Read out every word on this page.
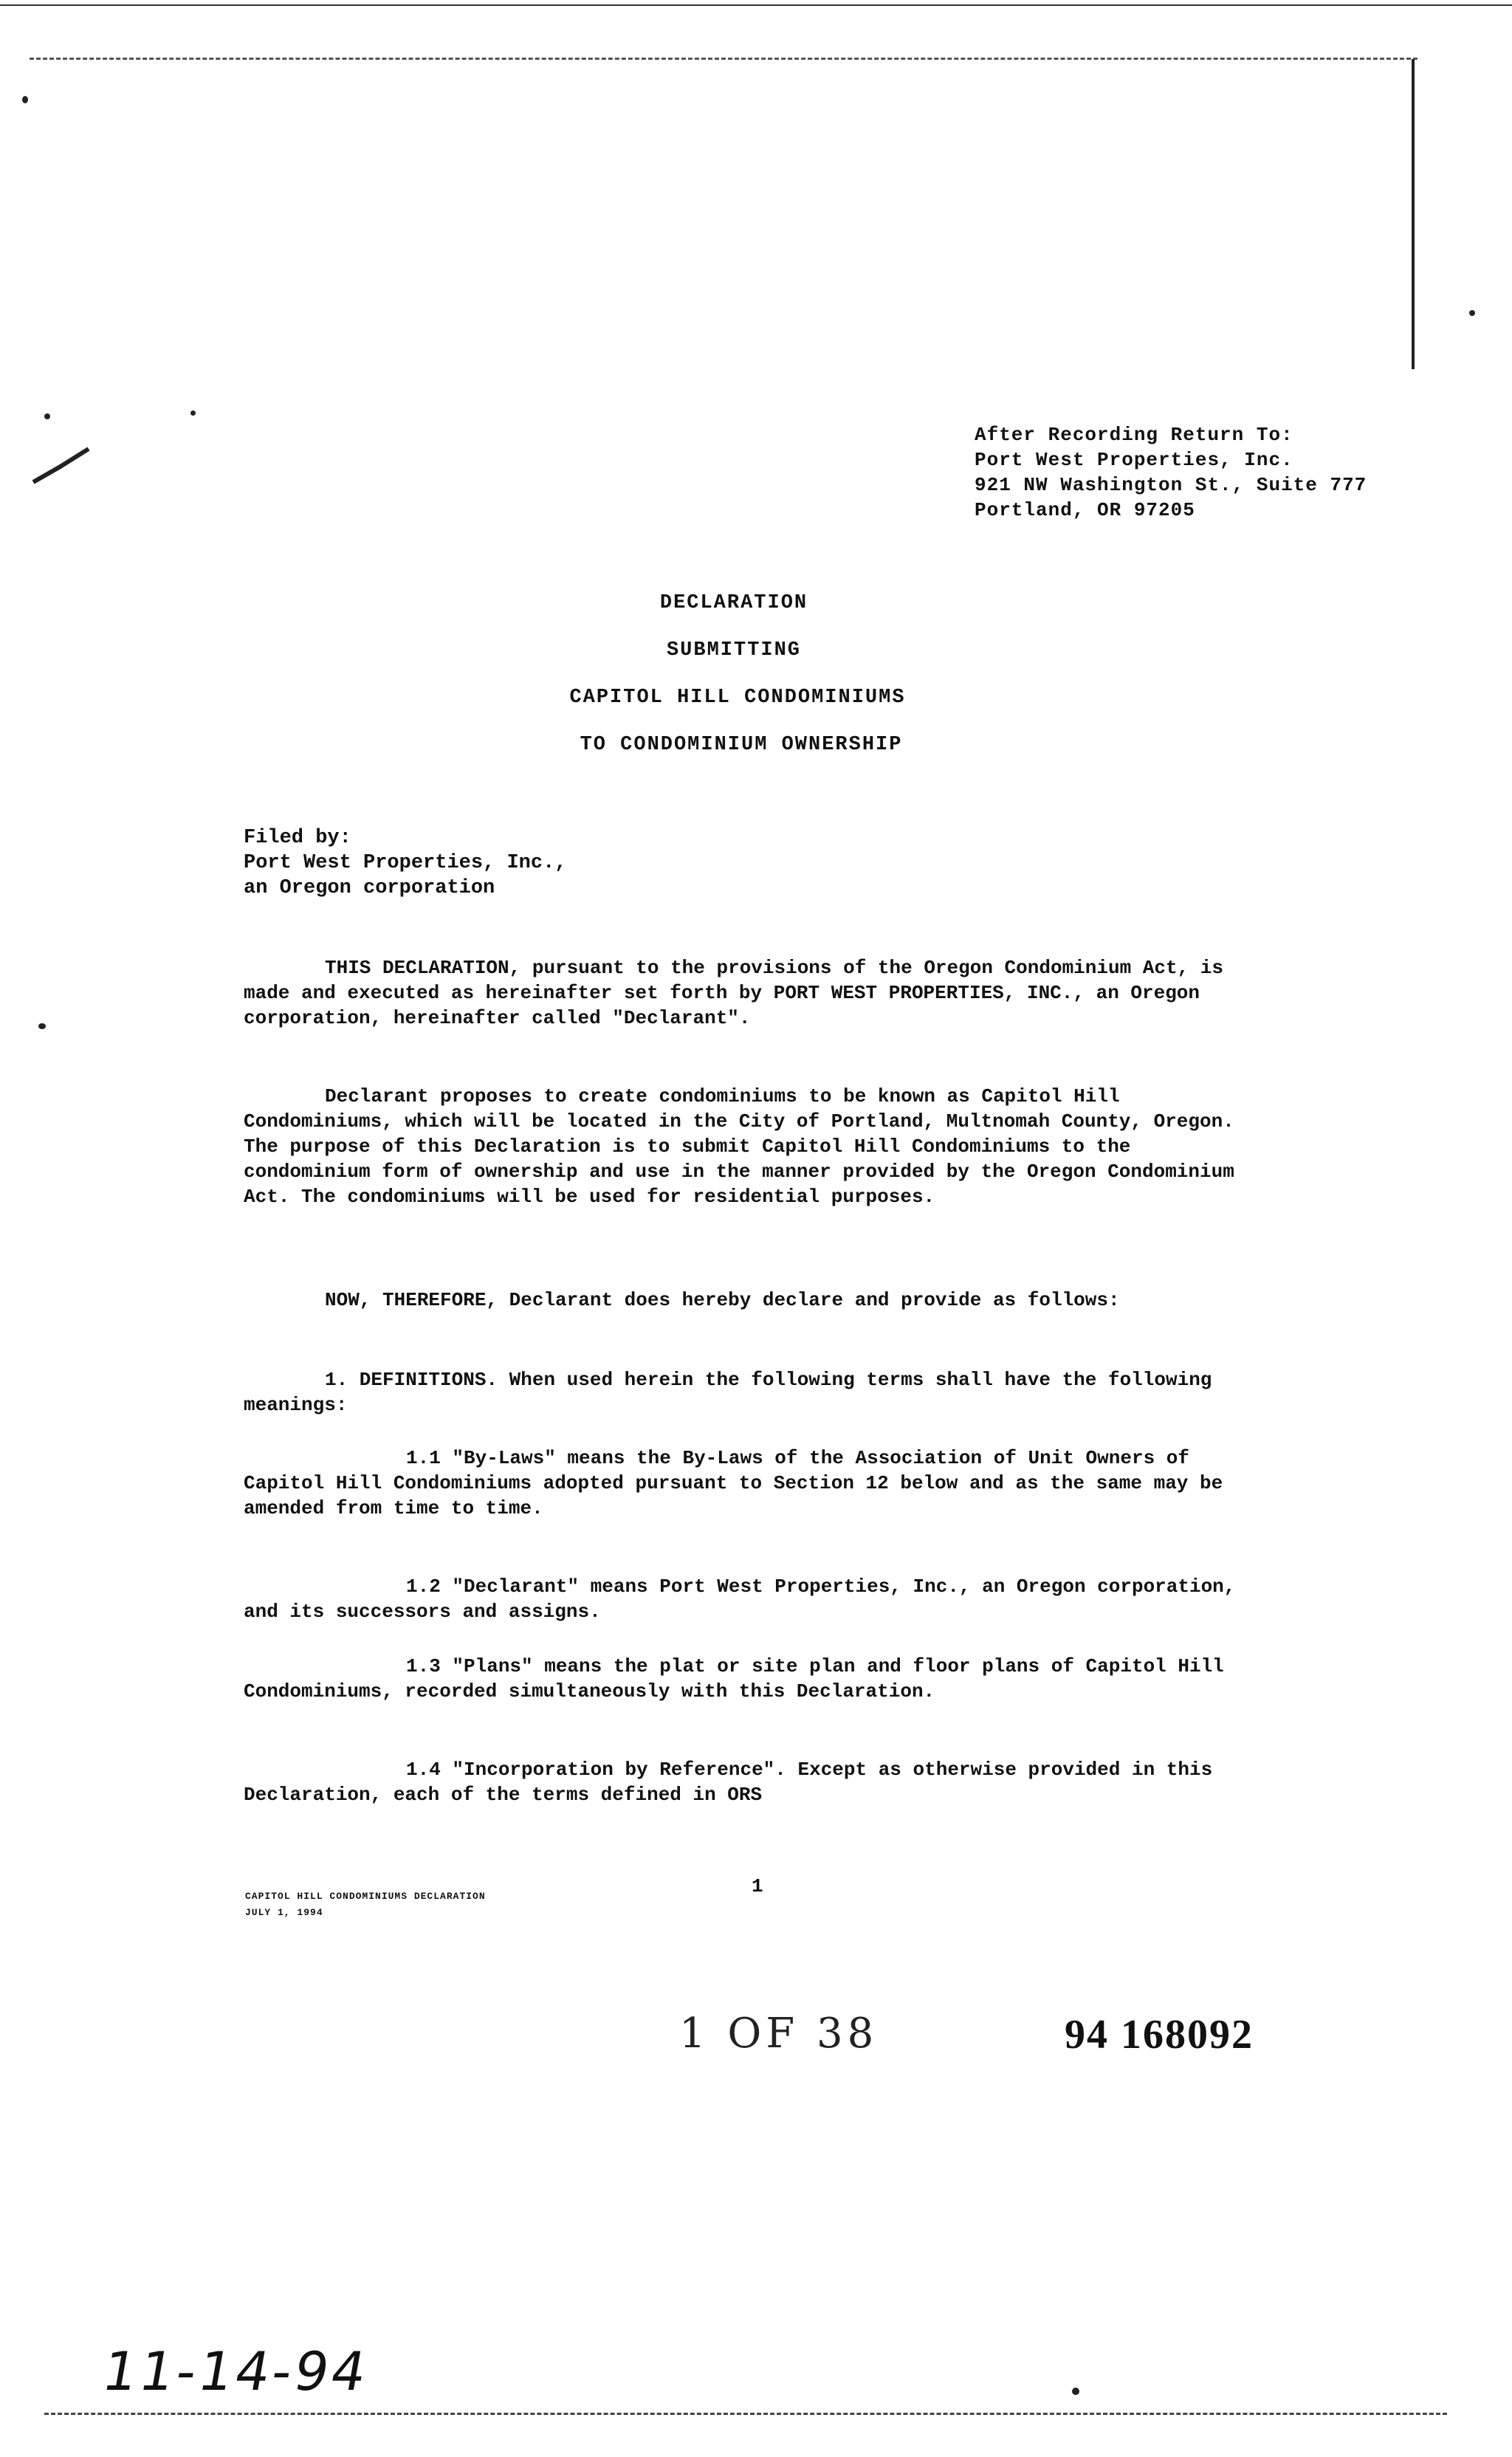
After Recording Return To:
Port West Properties, Inc.
921 NW Washington St., Suite 777
Portland, OR 97205
DECLARATION
SUBMITTING
CAPITOL HILL CONDOMINIUMS
TO CONDOMINIUM OWNERSHIP
Filed by:
Port West Properties, Inc.,
an Oregon corporation
THIS DECLARATION, pursuant to the provisions of the Oregon Condominium Act, is made and executed as hereinafter set forth by PORT WEST PROPERTIES, INC., an Oregon corporation, hereinafter called "Declarant".
Declarant proposes to create condominiums to be known as Capitol Hill Condominiums, which will be located in the City of Portland, Multnomah County, Oregon. The purpose of this Declaration is to submit Capitol Hill Condominiums to the condominium form of ownership and use in the manner provided by the Oregon Condominium Act. The condominiums will be used for residential purposes.
NOW, THEREFORE, Declarant does hereby declare and provide as follows:
1. DEFINITIONS. When used herein the following terms shall have the following meanings:
1.1 "By-Laws" means the By-Laws of the Association of Unit Owners of Capitol Hill Condominiums adopted pursuant to Section 12 below and as the same may be amended from time to time.
1.2 "Declarant" means Port West Properties, Inc., an Oregon corporation, and its successors and assigns.
1.3 "Plans" means the plat or site plan and floor plans of Capitol Hill Condominiums, recorded simultaneously with this Declaration.
1.4 "Incorporation by Reference". Except as otherwise provided in this Declaration, each of the terms defined in ORS
CAPITOL HILL CONDOMINIUMS DECLARATION
JULY 1, 1994
1
1 OF 38	94 168092
11-14-94
